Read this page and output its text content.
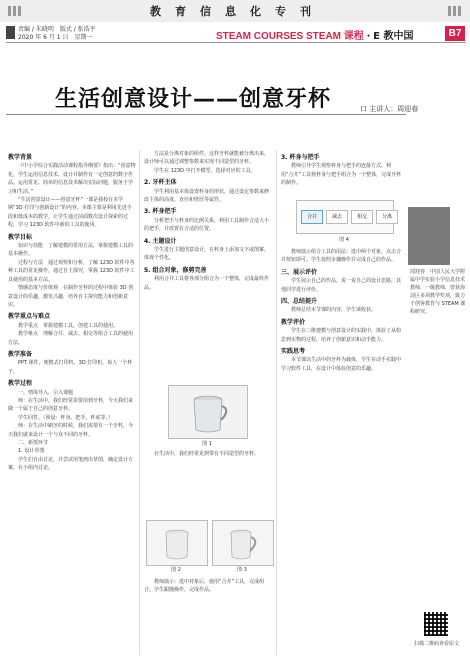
教育信息化专刊
责编 / 朱晓明　版式 / 张浩平
2020 年 6 月 1 日　星期一	STEAM COURSES STEAM 课程 · E 教中国	B7
生活创意设计——创意牙杯	口 主讲人：周迎春

教学背景

《中小学综合实践活动课程指导纲要》指出：“创意物化，学生运用信息技术，设计并制作有一定创意的数字作品。运用常见、简单的信息技术解决实际问题，服务于学习和生活。”

“生活创意设计——创意牙杯”一课是我校在本学期“3D 打印与创新设计”的内容。本课主要是利用先进手段和低成本的教学，让学生通过前面数次设计探索的过程，学习 123D 软件中新的工具的使用。

教学目标

知识与技能　了解建模的常用方法，掌握建模工具的基本操作。

过程与方法　通过观察和分析，了解 123D 软件中各种工具的常见操作，通过自主探究，掌握 123D 软件中工具使用的基本方法。

情感态度与价值观　在制作牙杯的过程中体验 3D 创意设计的乐趣，激发兴趣，培养自主探究能力和创新意识。

教学重点与难点

教学重点　掌握建模工具，创建工具的使用。

教学难点　理解合并、减去、相交等组合工具的使用方法。

教学准备

PPT 课件，便携式打印机，3D 打印机，每人一个杯子。

教学过程

一、情境导入，引入课题

师：在生活中，我们经常需要用到牙杯，今天我们来做一个属于自己的创意牙杯。

学生回答。（预设：杯身、把手、杯底等。）

师：在生活中刷牙的时候，我们需要有一个牙杯，今天我们就来设计一个与众不同的牙杯。

二、新授环节

1. 设计草图

学生们自由讨论，并尝试用笔画出草图，确定设计方案，在小组内讨论。

方法是分离对象的组件。这样牙杯就能被分离出来，设计师可以通过调整参数来实现不同造型的牙杯。

学生在 123D 中打开模型，选择对应的工具。

2. 牙杯主体

学生利用基本体设置杯身的形状，通过设定参数来修改主体的高度、直径和壁厚等属性。

3. 杯身把手

分析把手与杯身的比例关系，利用工具制作合适大小的把手，并放置在合适的位置。

4. 主题设计

学生进行主题创意设计，在杯身上添加文字或图案，体现个性化。

5. 组合对象，修剪完善

利用合并工具将各部分组合为一个整体，完成最终作品。

图 1

在生活中，我们经常见到带有不同造型的牙杯。

图 2	图 3

教师演示：选中对象后，使用“合并”工具，完成组合。学生跟随操作，完成作品。

3. 杯身与把手

教师引导学生观察杯身与把手的连接方式，利用“合并”工具将杯身与把手组合为一个整体，完成牙杯的制作。

合并	减去	相交	分离
图 4

教师演示组合工具的用法：选中两个对象，点击合并按钮即可。学生按照步骤操作并完成自己的作品。

三、展示评价

学生展示自己的作品，说一说自己的设计思路，其他同学进行评价。

四、总结提升

教师总结本节课的内容，学生谈收获。

教学评价

学生在三维建模与创意设计的实践中，体验了从构思到实物的过程，培养了创新意识和动手能力。

实践思考

本节课以生活中的牙杯为载体，学生在动手实践中学习软件工具，在设计中体验创意的乐趣。

周迎春　中国人民大学附属中学实验小学信息技术教师，一级教师，曾获海淀区多项教学奖项，致力于创客教育与 STEAM 课程研究。
扫描二维码查看原文
